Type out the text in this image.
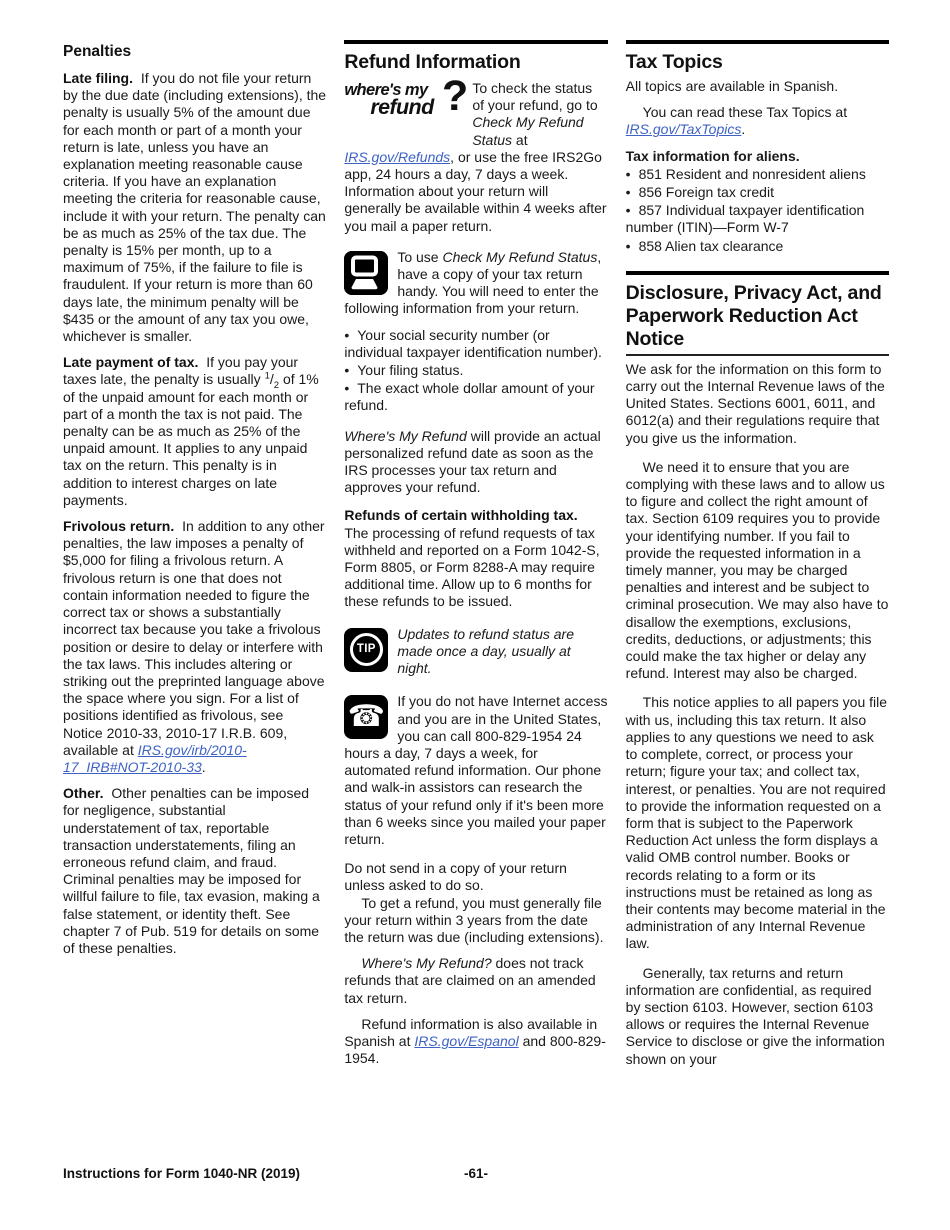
Penalties

Late filing. If you do not file your return by the due date (including extensions), the penalty is usually 5% of the amount due for each month or part of a month your return is late, unless you have an explanation meeting reasonable cause criteria. If you have an explanation meeting the criteria for reasonable cause, include it with your return. The penalty can be as much as 25% of the tax due. The penalty is 15% per month, up to a maximum of 75%, if the failure to file is fraudulent. If your return is more than 60 days late, the minimum penalty will be $435 or the amount of any tax you owe, whichever is smaller.

Late payment of tax. If you pay your taxes late, the penalty is usually $^1/_2$ of 1% of the unpaid amount for each month or part of a month the tax is not paid. The penalty can be as much as 25% of the unpaid amount. It applies to any unpaid tax on the return. This penalty is in addition to interest charges on late payments.

Frivolous return. In addition to any other penalties, the law imposes a penalty of $5,000 for filing a frivolous return. A frivolous return is one that does not contain information needed to figure the correct tax or shows a substantially incorrect tax because you take a frivolous position or desire to delay or interfere with the tax laws. This includes altering or striking out the preprinted language above the space where you sign. For a list of positions identified as frivolous, see Notice 2010-33, 2010-17 I.R.B. 609, available at IRS.gov/irb/2010-17_IRB#NOT-2010-33.

Other. Other penalties can be imposed for negligence, substantial understatement of tax, reportable transaction understatements, filing an erroneous refund claim, and fraud. Criminal penalties may be imposed for willful failure to file, tax evasion, making a false statement, or identity theft. See chapter 7 of Pub. 519 for details on some of these penalties.

Refund Information

where's my
refund ? To check the status of your refund, go to Check My Refund Status at IRS.gov/Refunds, or use the free IRS2Go app, 24 hours a day, 7 days a week. Information about your return will generally be available within 4 weeks after you mail a paper return.

To use Check My Refund Status, have a copy of your tax return handy. You will need to enter the following information from your return.

• Your social security number (or individual taxpayer identification number).

• Your filing status.

• The exact whole dollar amount of your refund.

Where's My Refund will provide an actual personalized refund date as soon as the IRS processes your tax return and approves your refund.

Refunds of certain withholding tax. The processing of refund requests of tax withheld and reported on a Form 1042-S, Form 8805, or Form 8288-A may require additional time. Allow up to 6 months for these refunds to be issued.

TIP
Updates to refund status are made once a day, usually at night.

☎ If you do not have Internet access and you are in the United States, you can call 800-829-1954 24 hours a day, 7 days a week, for automated refund information. Our phone and walk-in assistors can research the status of your refund only if it's been more than 6 weeks since you mailed your paper return.

Do not send in a copy of your return unless asked to do so.

To get a refund, you must generally file your return within 3 years from the date the return was due (including extensions).

Where's My Refund? does not track refunds that are claimed on an amended tax return.

Refund information is also available in Spanish at IRS.gov/Espanol and 800-829-1954.

Tax Topics

All topics are available in Spanish.

You can read these Tax Topics at IRS.gov/TaxTopics.

Tax information for aliens.

• 851 Resident and nonresident aliens

• 856 Foreign tax credit

• 857 Individual taxpayer identification number (ITIN)—Form W-7

• 858 Alien tax clearance

Disclosure, Privacy Act, and Paperwork Reduction Act Notice

We ask for the information on this form to carry out the Internal Revenue laws of the United States. Sections 6001, 6011, and 6012(a) and their regulations require that you give us the information.

We need it to ensure that you are complying with these laws and to allow us to figure and collect the right amount of tax. Section 6109 requires you to provide your identifying number. If you fail to provide the requested information in a timely manner, you may be charged penalties and interest and be subject to criminal prosecution. We may also have to disallow the exemptions, exclusions, credits, deductions, or adjustments; this could make the tax higher or delay any refund. Interest may also be charged.

This notice applies to all papers you file with us, including this tax return. It also applies to any questions we need to ask to complete, correct, or process your return; figure your tax; and collect tax, interest, or penalties. You are not required to provide the information requested on a form that is subject to the Paperwork Reduction Act unless the form displays a valid OMB control number. Books or records relating to a form or its instructions must be retained as long as their contents may become material in the administration of any Internal Revenue law.

Generally, tax returns and return information are confidential, as required by section 6103. However, section 6103 allows or requires the Internal Revenue Service to disclose or give the information shown on your

Instructions for Form 1040-NR (2019)	-61-
